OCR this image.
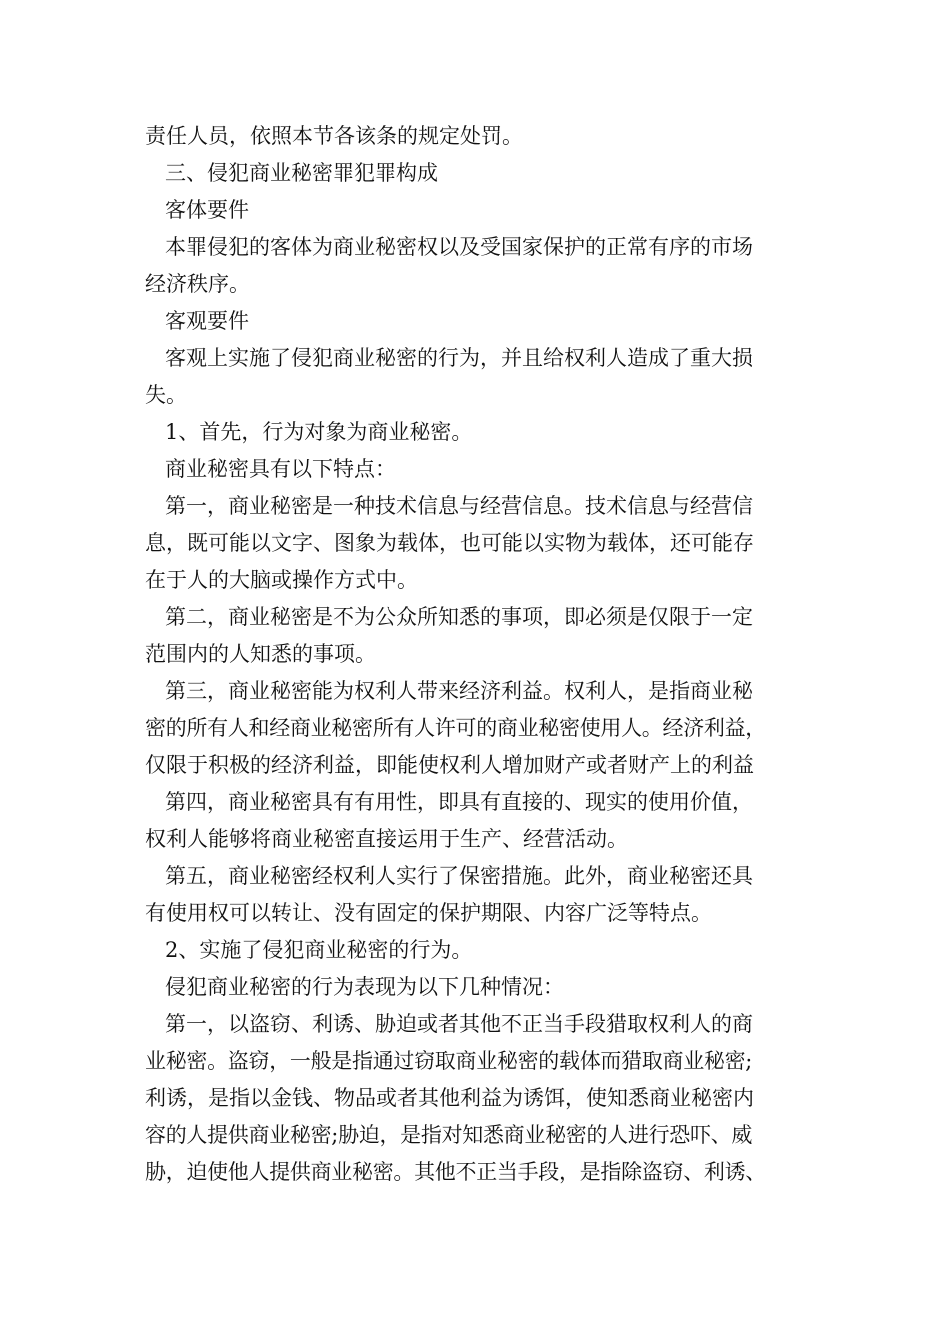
责任人员，依照本节各该条的规定处罚。
三、侵犯商业秘密罪犯罪构成
客体要件
本罪侵犯的客体为商业秘密权以及受国家保护的正常有序的市场
经济秩序。
客观要件
客观上实施了侵犯商业秘密的行为，并且给权利人造成了重大损
失。
1、首先，行为对象为商业秘密。
商业秘密具有以下特点：
第一，商业秘密是一种技术信息与经营信息。技术信息与经营信
息，既可能以文字、图象为载体，也可能以实物为载体，还可能存
在于人的大脑或操作方式中。
第二，商业秘密是不为公众所知悉的事项，即必须是仅限于一定
范围内的人知悉的事项。
第三，商业秘密能为权利人带来经济利益。权利人，是指商业秘
密的所有人和经商业秘密所有人许可的商业秘密使用人。经济利益，
仅限于积极的经济利益，即能使权利人增加财产或者财产上的利益
第四，商业秘密具有有用性，即具有直接的、现实的使用价值，
权利人能够将商业秘密直接运用于生产、经营活动。
第五，商业秘密经权利人实行了保密措施。此外，商业秘密还具
有使用权可以转让、没有固定的保护期限、内容广泛等特点。
2、实施了侵犯商业秘密的行为。
侵犯商业秘密的行为表现为以下几种情况：
第一，以盗窃、利诱、胁迫或者其他不正当手段猎取权利人的商
业秘密。盗窃，一般是指通过窃取商业秘密的载体而猎取商业秘密;
利诱，是指以金钱、物品或者其他利益为诱饵，使知悉商业秘密内
容的人提供商业秘密;胁迫，是指对知悉商业秘密的人进行恐吓、威
胁，迫使他人提供商业秘密。其他不正当手段，是指除盗窃、利诱、
